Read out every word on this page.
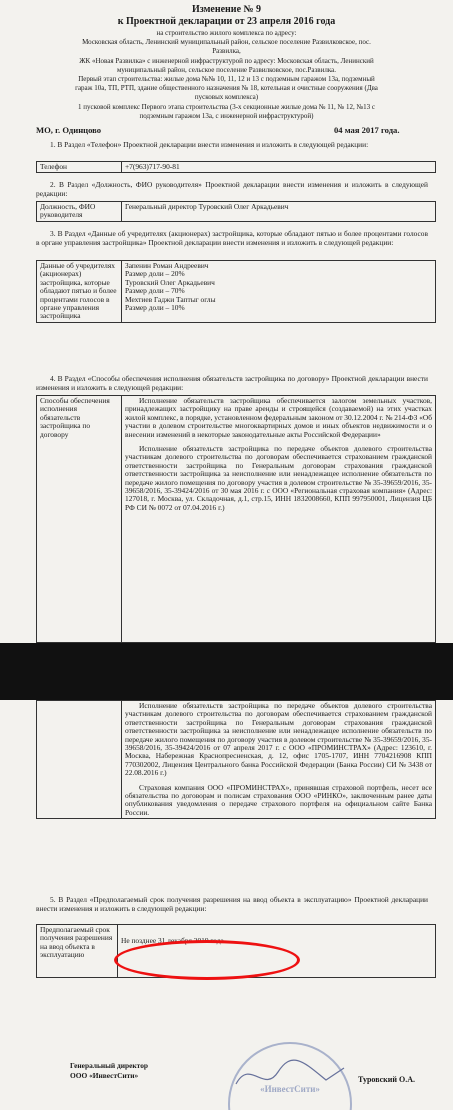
Изменение № 9
к Проектной декларации от 23 апреля 2016 года
на строительство жилого комплекса по адресу:
Московская область, Ленинский муниципальный район, сельское поселение Развилковское, пос.
Развилка,
ЖК «Новая Развилка» с инженерной инфраструктурой по адресу: Московская область, Ленинский
муниципальный район, сельское поселение Развилковское, пос.Развилка.
Первый этап строительства: жилые дома №№ 10, 11, 12 и 13 с подземным гаражом 13а, подземный
гараж 10а, ТП, РТП, здание общественного назначения № 18, котельная и очистные сооружения (Два
пусковых комплекса)
1 пусковой комплекс Первого этапа строительства (3-х секционные жилые дома № 11, № 12, №13 с
подземным гаражом 13а, с инженерной инфраструктурой)
МО, г. Одинцово	04 мая 2017 года.
1. В Раздел «Телефон» Проектной декларации внести изменения и изложить в следующей редакции:
Телефон	+7(963)717-90-81
2. В Раздел «Должность, ФИО руководителя» Проектной декларации внести изменения и изложить в следующей редакции:
Должность, ФИО руководителя	Генеральный директор Туровский Олег Аркадьевич
3. В Раздел «Данные об учредителях (акционерах) застройщика, которые обладают пятью и более процентами голосов в органе управления застройщика» Проектной декларации внести изменения и изложить в следующей редакции:
Данные об учредителях (акционерах) застройщика, которые обладают пятью и более процентами голосов в органе управления застройщика	
Запенин Роман Андреевич
Размер доли – 20%
Туровский Олег Аркадьевич
Размер доли – 70%
Мехтиев Гаджи Таптыг оглы
Размер доли – 10%
4. В Раздел «Способы обеспечения исполнения обязательств застройщика по договору» Проектной декларации внести изменения и изложить в следующей редакции:
Способы обеспечения исполнения обязательств застройщика по договору	
Исполнение обязательств застройщика обеспечивается залогом земельных участков, принадлежащих застройщику на праве аренды и строящейся (создаваемой) на этих участках жилой комплекс, в порядке, установленном федеральным законом от 30.12.2004 г. № 214-ФЗ «Об участии в долевом строительстве многоквартирных домов и иных объектов недвижимости и о внесении изменений в некоторые законодательные акты Российской Федерации»
Исполнение обязательств застройщика по передаче объектов долевого строительства участникам долевого строительства по договорам обеспечивается страхованием гражданской ответственности застройщика по Генеральным договорам страхования гражданской ответственности застройщика за неисполнение или ненадлежащее исполнение обязательств по передаче жилого помещения по договору участия в долевом строительстве № 35-39659/2016, 35-39658/2016, 35-39424/2016 от 30 мая 2016 г. с ООО «Региональная страховая компания» (Адрес: 127018, г. Москва, ул. Складочная, д.1, стр.15, ИНН 1832008660, КПП 997950001, Лицензия ЦБ РФ СИ № 0072 от 07.04.2016 г.)

Исполнение обязательств застройщика по передаче объектов долевого строительства участникам долевого строительства по договорам обеспечивается страхованием гражданской ответственности застройщика по Генеральным договорам страхования гражданской ответственности застройщика за неисполнение или ненадлежащее исполнение обязательств по передаче жилого помещения по договору участия в долевом строительстве № 35-39659/2016, 35-39658/2016, 35-39424/2016 от 07 апреля 2017 г. с ООО «ПРОМИНСТРАХ» (Адрес: 123610, г. Москва, Набережная Краснопресненская, д. 12, офис 1705-1707, ИНН 7704216908 КПП 770302002, Лицензия Центрального банка Российской Федерации (Банка России) СИ № 3438 от 22.08.2016 г.)
Страховая компания ООО «ПРОМИНСТРАХ», принявшая страховой портфель, несет все обязательства по договорам и полисам страхования ООО «РИНКО», заключенным ранее даты опубликования уведомления о передаче страхового портфеля на официальном сайте Банка России.
5. В Раздел «Предполагаемый срок получения разрешения на ввод объекта в эксплуатацию» Проектной декларации внести изменения и изложить в следующей редакции:
Предполагаемый срок получения разрешения на ввод объекта в эксплуатацию	Не позднее 31 декабря 2019 года
Генеральный директор
ООО «ИнвестСити»	Туровский О.А.
«ИнвестСити»
